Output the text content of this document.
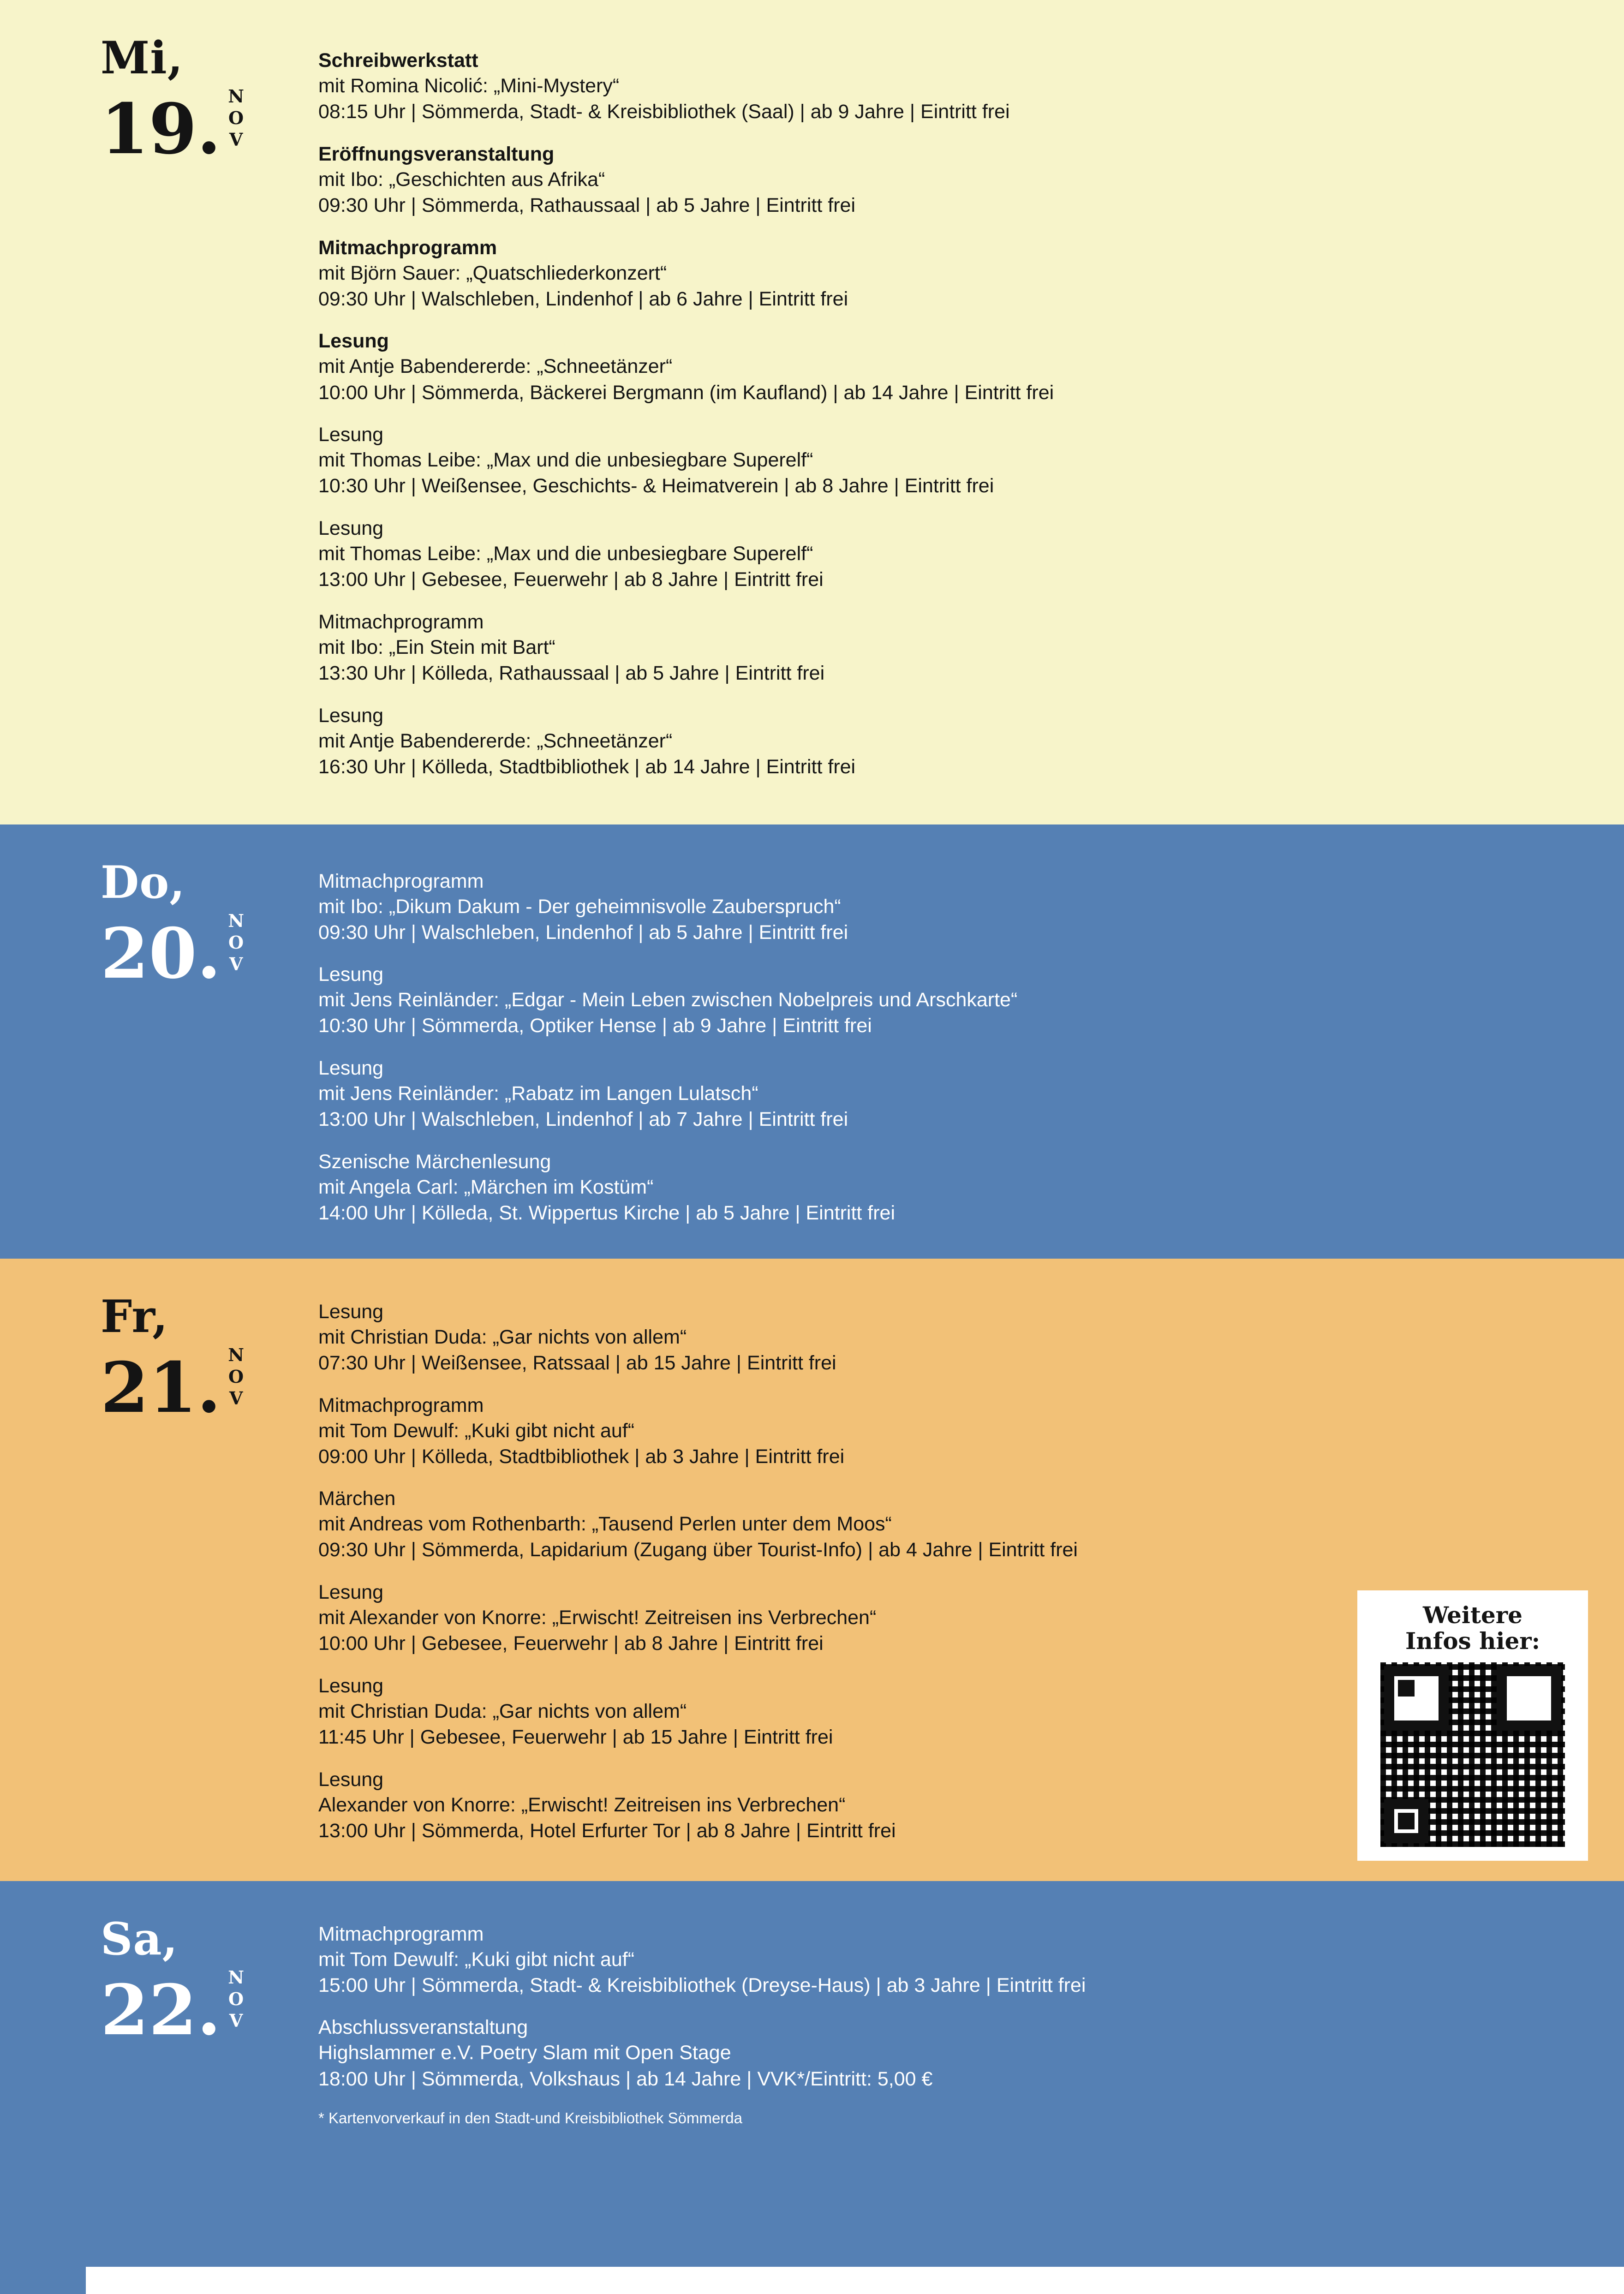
Mi,
19. NOV
Schreibwerkstatt
mit Romina Nicolić: „Mini-Mystery“
08:15 Uhr | Sömmerda, Stadt- & Kreisbibliothek (Saal) | ab 9 Jahre | Eintritt frei
Eröffnungsveranstaltung
mit Ibo: „Geschichten aus Afrika“
09:30 Uhr | Sömmerda, Rathaussaal | ab 5 Jahre | Eintritt frei
Mitmachprogramm
mit Björn Sauer: „Quatschliederkonzert“
09:30 Uhr | Walschleben, Lindenhof | ab 6 Jahre | Eintritt frei
Lesung
mit Antje Babendererde: „Schneetänzer“
10:00 Uhr | Sömmerda, Bäckerei Bergmann (im Kaufland) | ab 14 Jahre | Eintritt frei
Lesung
mit Thomas Leibe: „Max und die unbesiegbare Superelf“
10:30 Uhr | Weißensee, Geschichts- & Heimatverein | ab 8 Jahre | Eintritt frei
Lesung
mit Thomas Leibe: „Max und die unbesiegbare Superelf“
13:00 Uhr | Gebesee, Feuerwehr | ab 8 Jahre | Eintritt frei
Mitmachprogramm
mit Ibo: „Ein Stein mit Bart“
13:30 Uhr | Kölleda, Rathaussaal | ab 5 Jahre | Eintritt frei
Lesung
mit Antje Babendererde: „Schneetänzer“
16:30 Uhr | Kölleda, Stadtbibliothek | ab 14 Jahre | Eintritt frei
Do,
20. NOV
Mitmachprogramm
mit Ibo: „Dikum Dakum - Der geheimnisvolle Zauberspruch“
09:30 Uhr | Walschleben, Lindenhof | ab 5 Jahre | Eintritt frei
Lesung
mit Jens Reinländer: „Edgar - Mein Leben zwischen Nobelpreis und Arschkarte“
10:30 Uhr | Sömmerda, Optiker Hense | ab 9 Jahre | Eintritt frei
Lesung
mit Jens Reinländer: „Rabatz im Langen Lulatsch“
13:00 Uhr | Walschleben, Lindenhof | ab 7 Jahre | Eintritt frei
Szenische Märchenlesung
mit Angela Carl: „Märchen im Kostüm“
14:00 Uhr | Kölleda, St. Wippertus Kirche | ab 5 Jahre | Eintritt frei
Fr,
21. NOV
Lesung
mit Christian Duda: „Gar nichts von allem“
07:30 Uhr | Weißensee, Ratssaal | ab 15 Jahre | Eintritt frei
Mitmachprogramm
mit Tom Dewulf: „Kuki gibt nicht auf“
09:00 Uhr | Kölleda, Stadtbibliothek | ab 3 Jahre | Eintritt frei
Märchen
mit Andreas vom Rothenbarth: „Tausend Perlen unter dem Moos“
09:30 Uhr | Sömmerda, Lapidarium (Zugang über Tourist-Info) | ab 4 Jahre | Eintritt frei
Lesung
mit Alexander von Knorre: „Erwischt! Zeitreisen ins Verbrechen“
10:00 Uhr | Gebesee, Feuerwehr | ab 8 Jahre | Eintritt frei
Lesung
mit Christian Duda: „Gar nichts von allem“
11:45 Uhr | Gebesee, Feuerwehr | ab 15 Jahre | Eintritt frei
Lesung
Alexander von Knorre: „Erwischt! Zeitreisen ins Verbrechen“
13:00 Uhr | Sömmerda, Hotel Erfurter Tor | ab 8 Jahre | Eintritt frei
Weitere
Infos hier:
Sa,
22. NOV
Mitmachprogramm
mit Tom Dewulf: „Kuki gibt nicht auf“
15:00 Uhr | Sömmerda, Stadt- & Kreisbibliothek (Dreyse-Haus) | ab 3 Jahre | Eintritt frei
Abschlussveranstaltung
Highslammer e.V. Poetry Slam mit Open Stage
18:00 Uhr | Sömmerda, Volkshaus | ab 14 Jahre | VVK*/Eintritt: 5,00 €
* Kartenvorverkauf in den Stadt-und Kreisbibliothek Sömmerda
